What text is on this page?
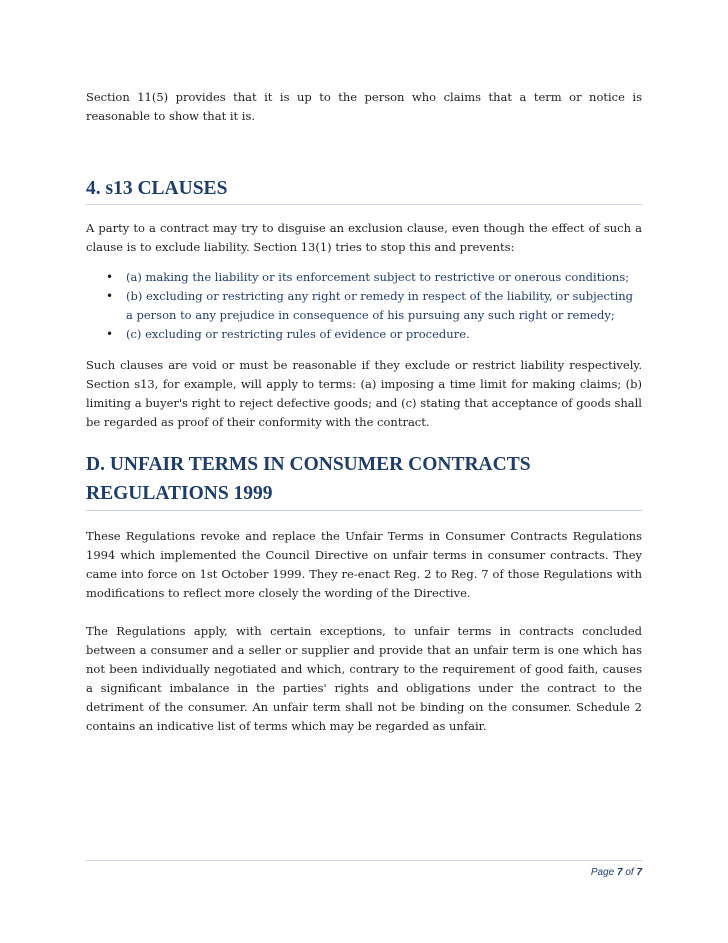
Section 11(5) provides that it is up to the person who claims that a term or notice is reasonable to show that it is.

4. s13 CLAUSES

A party to a contract may try to disguise an exclusion clause, even though the effect of such a clause is to exclude liability. Section 13(1) tries to stop this and prevents:

• (a) making the liability or its enforcement subject to restrictive or onerous conditions;
• (b) excluding or restricting any right or remedy in respect of the liability, or subjecting a person to any prejudice in consequence of his pursuing any such right or remedy;
• (c) excluding or restricting rules of evidence or procedure.

Such clauses are void or must be reasonable if they exclude or restrict liability respectively. Section s13, for example, will apply to terms: (a) imposing a time limit for making claims; (b) limiting a buyer's right to reject defective goods; and (c) stating that acceptance of goods shall be regarded as proof of their conformity with the contract.

D. UNFAIR TERMS IN CONSUMER CONTRACTS REGULATIONS 1999

These Regulations revoke and replace the Unfair Terms in Consumer Contracts Regulations 1994 which implemented the Council Directive on unfair terms in consumer contracts. They came into force on 1st October 1999. They re-enact Reg. 2 to Reg. 7 of those Regulations with modifications to reflect more closely the wording of the Directive.

The Regulations apply, with certain exceptions, to unfair terms in contracts concluded between a consumer and a seller or supplier and provide that an unfair term is one which has not been individually negotiated and which, contrary to the requirement of good faith, causes a significant imbalance in the parties' rights and obligations under the contract to the detriment of the consumer. An unfair term shall not be binding on the consumer. Schedule 2 contains an indicative list of terms which may be regarded as unfair.

Page 7 of 7
